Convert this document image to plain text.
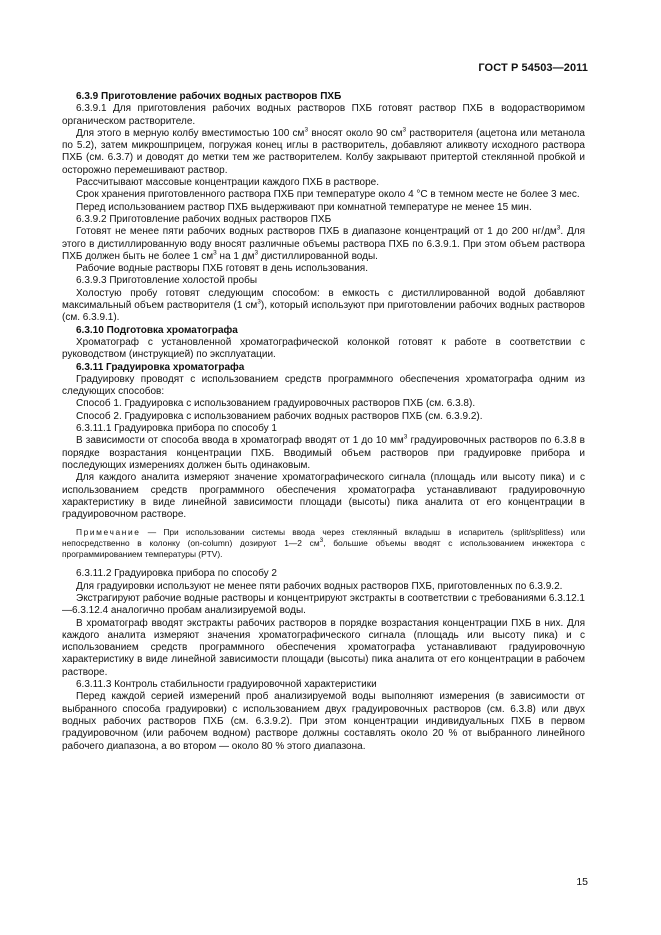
ГОСТ Р 54503—2011

6.3.9 Приготовление рабочих водных растворов ПХБ

6.3.9.1 Для приготовления рабочих водных растворов ПХБ готовят раствор ПХБ в водорастворимом органическом растворителе.

Для этого в мерную колбу вместимостью 100 $см^3$ вносят около 90 $см^3$ растворителя (ацетона или метанола по 5.2), затем микрошприцем, погружая конец иглы в растворитель, добавляют аликвоту исходного раствора ПХБ (см. 6.3.7) и доводят до метки тем же растворителем. Колбу закрывают притертой стеклянной пробкой и осторожно перемешивают раствор.

Рассчитывают массовые концентрации каждого ПХБ в растворе.

Срок хранения приготовленного раствора ПХБ при температуре около 4 °С в темном месте не более 3 мес.

Перед использованием раствор ПХБ выдерживают при комнатной температуре не менее 15 мин.

6.3.9.2 Приготовление рабочих водных растворов ПХБ

Готовят не менее пяти рабочих водных растворов ПХБ в диапазоне концентраций от 1 до 200 $нг/дм^3$. Для этого в дистиллированную воду вносят различные объемы раствора ПХБ по 6.3.9.1. При этом объем раствора ПХБ должен быть не более 1 $см^3$ на 1 $дм^3$ дистиллированной воды.

Рабочие водные растворы ПХБ готовят в день использования.

6.3.9.3 Приготовление холостой пробы

Холостую пробу готовят следующим способом: в емкость с дистиллированной водой добавляют максимальный объем растворителя (1 $см^3$), который используют при приготовлении рабочих водных растворов (см. 6.3.9.1).

6.3.10 Подготовка хроматографа

Хроматограф с установленной хроматографической колонкой готовят к работе в соответствии с руководством (инструкцией) по эксплуатации.

6.3.11 Градуировка хроматографа

Градуировку проводят с использованием средств программного обеспечения хроматографа одним из следующих способов:

Способ 1. Градуировка с использованием градуировочных растворов ПХБ (см. 6.3.8).

Способ 2. Градуировка с использованием рабочих водных растворов ПХБ (см. 6.3.9.2).

6.3.11.1 Градуировка прибора по способу 1

В зависимости от способа ввода в хроматограф вводят от 1 до 10 $мм^3$ градуировочных растворов по 6.3.8 в порядке возрастания концентрации ПХБ. Вводимый объем растворов при градуировке прибора и последующих измерениях должен быть одинаковым.

Для каждого аналита измеряют значение хроматографического сигнала (площадь или высоту пика) и с использованием средств программного обеспечения хроматографа устанавливают градуировочную характеристику в виде линейной зависимости площади (высоты) пика аналита от его концентрации в градуировочном растворе.

Примечание — При использовании системы ввода через стеклянный вкладыш в испаритель (split/splitless) или непосредственно в колонку (on-column) дозируют 1—2 $см^3$, большие объемы вводят с использованием инжектора с программированием температуры (PTV).

6.3.11.2 Градуировка прибора по способу 2

Для градуировки используют не менее пяти рабочих водных растворов ПХБ, приготовленных по 6.3.9.2.

Экстрагируют рабочие водные растворы и концентрируют экстракты в соответствии с требованиями 6.3.12.1—6.3.12.4 аналогично пробам анализируемой воды.

В хроматограф вводят экстракты рабочих растворов в порядке возрастания концентрации ПХБ в них. Для каждого аналита измеряют значения хроматографического сигнала (площадь или высоту пика) и с использованием средств программного обеспечения хроматографа устанавливают градуировочную характеристику в виде линейной зависимости площади (высоты) пика аналита от его концентрации в рабочем растворе.

6.3.11.3 Контроль стабильности градуировочной характеристики

Перед каждой серией измерений проб анализируемой воды выполняют измерения (в зависимости от выбранного способа градуировки) с использованием двух градуировочных растворов (см. 6.3.8) или двух водных рабочих растворов ПХБ (см. 6.3.9.2). При этом концентрации индивидуальных ПХБ в первом градуировочном (или рабочем водном) растворе должны составлять около 20 % от выбранного линейного рабочего диапазона, а во втором — около 80 % этого диапазона.

15
